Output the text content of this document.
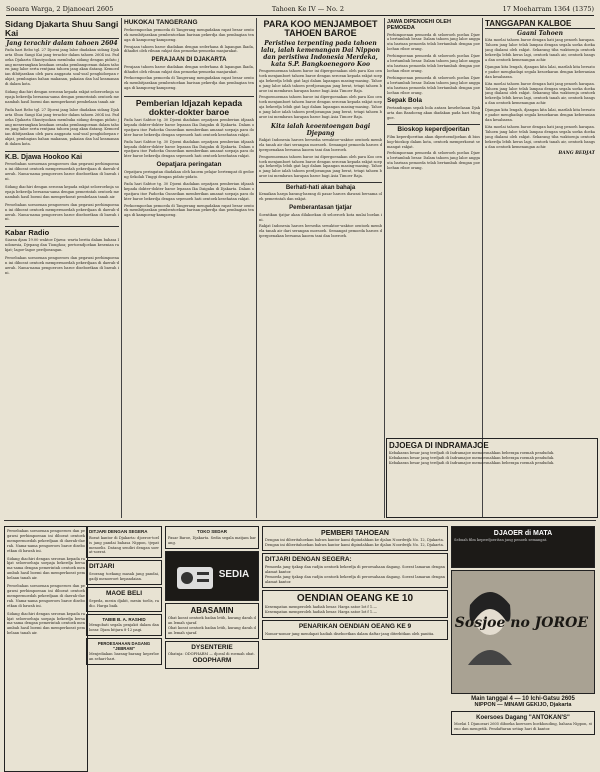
Soeara Warga, 2 Djanoeari 2605	Tahoen Ke IV — No. 2	17 Moeharram 1364 (1375)
Sidang Djakarta Shuu Sangi Kai
Jang terachir dalam tahoen 2604
Pada hari Rebo tgl. 27 Djoeni jang laloe diadakan sidang Djakarta Shuu Sangi Kai jang terachir dalam tahoen 2604 ini. Padoeka Djakarta Shuutyookan membuka sidang dengan pidato jang menerangkan keadaan oesaha pembangoenan dalam tahoen jang laloe serta rentjana tahoen jang akan datang. Kemoedian dibitjarakan oleh para anggauta soal-soal penghidoepan rakjat, pembagian bahan makanan, pakaian dan hal keamanan di dalam kota.
Sidang diachiri dengan seroean kepada rakjat seloeroehnja soepaja bekerdja bersama-sama dengan pemerintah oentoek menambah hasil boemi dan memperkoeat pembelaan tanah air.
Pada hari Rebo tgl. 27 Djoeni jang laloe diadakan sidang Djakarta Shuu Sangi Kai jang terachir dalam tahoen 2604 ini. Padoeka Djakarta Shuutyookan membuka sidang dengan pidato jang menerangkan keadaan oesaha pembangoenan dalam tahoen jang laloe serta rentjana tahoen jang akan datang. Kemoedian dibitjarakan oleh para anggauta soal-soal penghidoepan rakjat, pembagian bahan makanan, pakaian dan hal keamanan di dalam kota.
K.B. Djawa Hookoo Kai
Peroebahan soesoenan pengoeroes dan pegawai perhimpoenan ini diboeat oentoek mempermoedah pekerdjaan di daerah-daerah. Nama-nama pengoeroes baroe diseboetkan di bawah ini.
Sidang diachiri dengan seroean kepada rakjat seloeroehnja soepaja bekerdja bersama-sama dengan pemerintah oentoek menambah hasil boemi dan memperkoeat pembelaan tanah air.
Peroebahan soesoenan pengoeroes dan pegawai perhimpoenan ini diboeat oentoek mempermoedah pekerdjaan di daerah-daerah. Nama-nama pengoeroes baroe diseboetkan di bawah ini.
Kabar Radio
Siaran djam 19.00 waktoe Djawa: warta berita dalam bahasa Indonesia, Djepang dan Tionghoa; pertoendjoekan kesenian rakjat; lagoe-lagoe perdjoeangan.
Peroebahan soesoenan pengoeroes dan pegawai perhimpoenan ini diboeat oentoek mempermoedah pekerdjaan di daerah-daerah. Nama-nama pengoeroes baroe diseboetkan di bawah ini.
HUKOKAI TANGERANG
Perkoempoelan pemoeda di Tangerang mengadakan rapat besar oentoek membitjarakan pembentoekan barisan pekerdja dan pembagian tenaga di kampoeng-kampoeng.
Perajaan tahoen baroe diadakan dengan sederhana di lapangan Ikada, dihadiri oleh ribuan rakjat dan pemoeka-pemoeka masjarakat.
PERAJAAN DI DJAKARTA
Perajaan tahoen baroe diadakan dengan sederhana di lapangan Ikada, dihadiri oleh ribuan rakjat dan pemoeka-pemoeka masjarakat.
Perkoempoelan pemoeda di Tangerang mengadakan rapat besar oentoek membitjarakan pembentoekan barisan pekerdja dan pembagian tenaga di kampoeng-kampoeng.
Pemberian Idjazah kepada dokter-dokter baroe
Pada hari Sabtoe tg. 30 Djoeni diadakan oepatjara pemberian idjazah kepada dokter-dokter baroe lepasan Ika Daigaku di Djakarta. Dalam oepatjara itoe Padoeka Gunseikan memberikan amanat soepaja para dokter baroe bekerdja dengan sepenoeh hati oentoek kesehatan rakjat.
Pada hari Sabtoe tg. 30 Djoeni diadakan oepatjara pemberian idjazah kepada dokter-dokter baroe lepasan Ika Daigaku di Djakarta. Dalam oepatjara itoe Padoeka Gunseikan memberikan amanat soepaja para dokter baroe bekerdja dengan sepenoeh hati oentoek kesehatan rakjat.
Oepatjara peringatan
Oepatjara peringatan diadakan oleh kaoem pelajar bertempat di gedoeng Sekolah Tinggi dengan pidato-pidato.
Pada hari Sabtoe tg. 30 Djoeni diadakan oepatjara pemberian idjazah kepada dokter-dokter baroe lepasan Ika Daigaku di Djakarta. Dalam oepatjara itoe Padoeka Gunseikan memberikan amanat soepaja para dokter baroe bekerdja dengan sepenoeh hati oentoek kesehatan rakjat.
Perkoempoelan pemoeda di Tangerang mengadakan rapat besar oentoek membitjarakan pembentoekan barisan pekerdja dan pembagian tenaga di kampoeng-kampoeng.
PARA KOO MENJAMBOET TAHOEN BAROE
Peristiwa terpenting pada tahoen lalu, ialah kemenangan Dai Nippon dan peristiwa Indonesia Merdeka, kata S.P. Bangkoenegoro Koo
Pengoemoeman tahoen baroe ini dipergoenakan oleh para Koo oentoek menjamboet tahoen baroe dengan seroean kepada rakjat soepaja bekerdja lebih giat lagi dalam lapangan masing-masing. Tahoen jang laloe ialah tahoen perdjoeangan jang berat, tetapi tahoen baroe ini membawa harapan baroe bagi Asia Timoer Raja.
Pengoemoeman tahoen baroe ini dipergoenakan oleh para Koo oentoek menjamboet tahoen baroe dengan seroean kepada rakjat soepaja bekerdja lebih giat lagi dalam lapangan masing-masing. Tahoen jang laloe ialah tahoen perdjoeangan jang berat, tetapi tahoen baroe ini membawa harapan baroe bagi Asia Timoer Raja.
Kita ialah keoentoengan bagi Djepang
Rakjat Indonesia haroes bersedia sewaktoe-waktoe oentoek membela tanah air dari serangan moesoeh. Semangat pemoeda haroes dipergoenakan bersama kaoem tani dan boeroeh.
Pengoemoeman tahoen baroe ini dipergoenakan oleh para Koo oentoek menjamboet tahoen baroe dengan seroean kepada rakjat soepaja bekerdja lebih giat lagi dalam lapangan masing-masing. Tahoen jang laloe ialah tahoen perdjoeangan jang berat, tetapi tahoen baroe ini membawa harapan baroe bagi Asia Timoer Raja.
Berhati-hati akan bahaja
Kenaikan harga barang-barang di pasar haroes diawasi bersama oleh pemerintah dan rakjat.
Pemberantasan tjatjar
Soentikan tjatjar akan dilakoekan di seloeroeh kota mulai boelan ini.
Rakjat Indonesia haroes bersedia sewaktoe-waktoe oentoek membela tanah air dari serangan moesoeh. Semangat pemoeda haroes dipergoenakan bersama kaoem tani dan boeroeh.
JAWA DIPENOEHI OLEH PEMOEDA
Perhimpoenan pemoeda di seloeroeh poelau Djawa bertambah besar. Dalam tahoen jang laloe anggauta barisan pemoeda telah bertambah dengan poeloehan riboe orang.
Perhimpoenan pemoeda di seloeroeh poelau Djawa bertambah besar. Dalam tahoen jang laloe anggauta barisan pemoeda telah bertambah dengan poeloehan riboe orang.
Perhimpoenan pemoeda di seloeroeh poelau Djawa bertambah besar. Dalam tahoen jang laloe anggauta barisan pemoeda telah bertambah dengan poeloehan riboe orang.
Sepak Bola
Pertandingan sepak bola antara kesebelasan Djakarta dan Bandoeng akan diadakan pada hari Minggoe.
Bioskop keperdjoeritan
Film keperdjoeritan akan dipertoendjoekan di bioskop-bioskop dalam kota, oentoek memperkoeat semangat rakjat.
Perhimpoenan pemoeda di seloeroeh poelau Djawa bertambah besar. Dalam tahoen jang laloe anggauta barisan pemoeda telah bertambah dengan poeloehan riboe orang.
TANGGAPAN KALBOE
Gaani Tahoen
Kita moelai tahoen baroe dengan hati jang penoeh harapan. Tahoen jang laloe telah lampau dengan segala soeka doeka jang dialami oleh rakjat. Sekarang tiba waktoenja oentoek bekerdja lebih keras lagi, oentoek tanah air, oentoek bangsa dan oentoek kemenangan achir.
Djangan kita lengah, djangan kita lalai, marilah kita bersatoe padoe menghadapi segala kesoekaran dengan keberanian dan kesabaran.
Kita moelai tahoen baroe dengan hati jang penoeh harapan. Tahoen jang laloe telah lampau dengan segala soeka doeka jang dialami oleh rakjat. Sekarang tiba waktoenja oentoek bekerdja lebih keras lagi, oentoek tanah air, oentoek bangsa dan oentoek kemenangan achir.
Djangan kita lengah, djangan kita lalai, marilah kita bersatoe padoe menghadapi segala kesoekaran dengan keberanian dan kesabaran.
Kita moelai tahoen baroe dengan hati jang penoeh harapan. Tahoen jang laloe telah lampau dengan segala soeka doeka jang dialami oleh rakjat. Sekarang tiba waktoenja oentoek bekerdja lebih keras lagi, oentoek tanah air, oentoek bangsa dan oentoek kemenangan achir.
BANG BEDJAT
DJOEGA DI INDRAMAJOE
Kebakaran besar jang terdjadi di Indramajoe memoesnahkan beberapa roemah penduduk.
Kebakaran besar jang terdjadi di Indramajoe memoesnahkan beberapa roemah penduduk.
Kebakaran besar jang terdjadi di Indramajoe memoesnahkan beberapa roemah penduduk.
Peroebahan soesoenan pengoeroes dan pegawai perhimpoenan ini diboeat oentoek mempermoedah pekerdjaan di daerah-daerah. Nama-nama pengoeroes baroe diseboetkan di bawah ini.
Sidang diachiri dengan seroean kepada rakjat seloeroehnja soepaja bekerdja bersama-sama dengan pemerintah oentoek menambah hasil boemi dan memperkoeat pembelaan tanah air.
Peroebahan soesoenan pengoeroes dan pegawai perhimpoenan ini diboeat oentoek mempermoedah pekerdjaan di daerah-daerah. Nama-nama pengoeroes baroe diseboetkan di bawah ini.
Sidang diachiri dengan seroean kepada rakjat seloeroehnja soepaja bekerdja bersama-sama dengan pemerintah oentoek menambah hasil boemi dan memperkoeat pembelaan tanah air.
DITJARI DENGAN SEGERA
Boeat kantor di Djakarta: djoeroe-toelis jang pandai bahasa Nippon, tjepat menoelis. Datang sendiri dengan soerat-soerat.
DITJARI
Seorang toekang masak jang pandai, gadji menoeroet kepandaian.
MAOE BELI
Sepeda, mesin djahit, mesin toelis, radio. Harga baik.
TABIB B. A. RASHID
Mengobati segala penjakit dalam dan loear. Djam bitjara 8-12 pagi.
PEROESAHAAN DAGANG "JEBRAM"
Menjediakan barang-barang keperloean sehari-hari.
TOKO SEDAR
Pasar Baroe, Djakarta. Sedia segala matjam barang.
SEDIA
ABASAMIN
Obat koeat oentoek badan letih, kurang darah dan lemah sjaraf.
Obat koeat oentoek badan letih, kurang darah dan lemah sjaraf.
DYSENTERIE
Obatnja: ODOPHARM — djoeal di roemah obat.
ODOPHARM
PEMBERI TAHOEAN
Dengan ini diberitahoekan bahwa kantor kami dipindahkan ke djalan Noordwijk No. 12, Djakarta.
Dengan ini diberitahoekan bahwa kantor kami dipindahkan ke djalan Noordwijk No. 12, Djakarta.
DITJARI DENGAN SEGERA:
Pemoeda jang tjakap dan radjin oentoek bekerdja di peroesahaan dagang. Soerat lamaran dengan alamat kantor.
Pemoeda jang tjakap dan radjin oentoek bekerdja di peroesahaan dagang. Soerat lamaran dengan alamat kantor.
OENDIAN OEANG KE 10
Kesempatan memperoleh hadiah besar. Harga satoe lot f 1.—
Kesempatan memperoleh hadiah besar. Harga satoe lot f 1.—
PENARIKAN OENDIAN OEANG KE 9
Nomor-nomor jang mendapat hadiah diseboetkan dalam daftar jang diterbitkan oleh panitia.
DJAOER di MATA
Sebuah film keperdjoeritan jang penoeh semangat.
Sosjoe no JOROE
Main tanggal 4 — 10 Ichi-Gatsu 2605
NIPPON — MINAMI GEKIJO, Djakarta
Koersoes Dagang "ANTOKAN'S"
Moelai 1 Djanoeari 2605 diboeka koersoes boekhouding, bahasa Nippon, steno dan mengetik. Pendaftaran setiap hari di kantor.
